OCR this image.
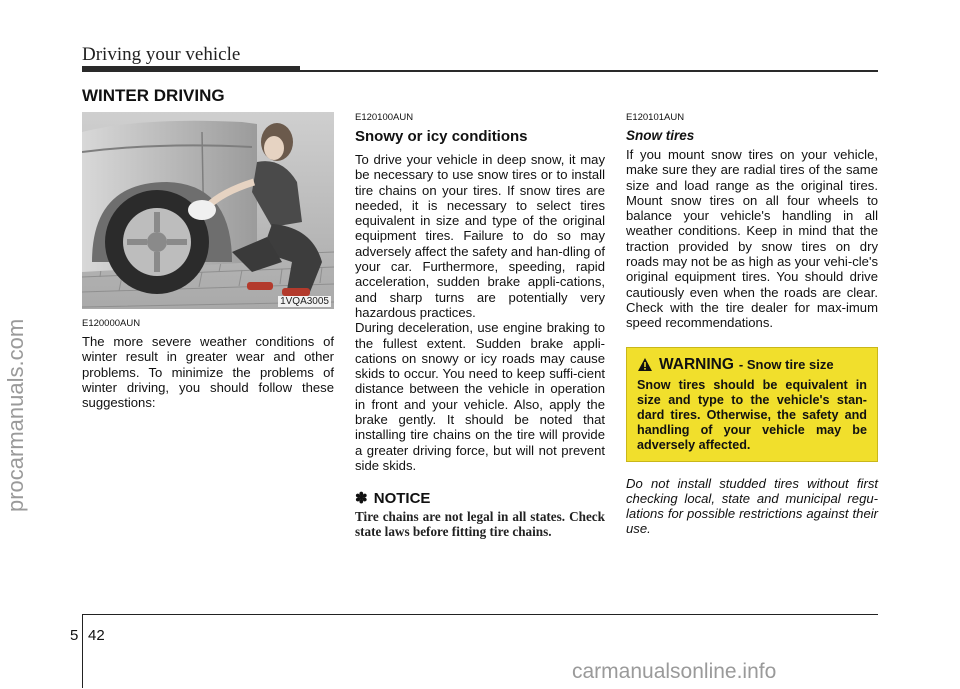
Driving your vehicle
WINTER DRIVING
1VQA3005
E120000AUN

The more severe weather conditions of winter result in greater wear and other problems. To minimize the problems of winter driving, you should follow these suggestions:

E120100AUN
Snowy or icy conditions

To drive your vehicle in deep snow, it may be necessary to use snow tires or to install tire chains on your tires. If snow tires are needed, it is necessary to select tires equivalent in size and type of the original equipment tires. Failure to do so may adversely affect the safety and han-dling of your car. Furthermore, speeding, rapid acceleration, sudden brake appli-cations, and sharp turns are potentially very hazardous practices.

During deceleration, use engine braking to the fullest extent. Sudden brake appli-cations on snowy or icy roads may cause skids to occur. You need to keep suffi-cient distance between the vehicle in operation in front and your vehicle. Also, apply the brake gently. It should be noted that installing tire chains on the tire will provide a greater driving force, but will not prevent side skids.

✽ NOTICE

Tire chains are not legal in all states. Check state laws before fitting tire chains.

E120101AUN
Snow tires

If you mount snow tires on your vehicle, make sure they are radial tires of the same size and load range as the original tires. Mount snow tires on all four wheels to balance your vehicle's handling in all weather conditions. Keep in mind that the traction provided by snow tires on dry roads may not be as high as your vehi-cle's original equipment tires. You should drive cautiously even when the roads are clear. Check with the tire dealer for max-imum speed recommendations.

WARNING - Snow tire size

Snow tires should be equivalent in size and type to the vehicle's stan-dard tires. Otherwise, the safety and handling of your vehicle may be adversely affected.

Do not install studded tires without first checking local, state and municipal regu-lations for possible restrictions against their use.

5 42
procarmanuals.com
carmanualsonline.info
